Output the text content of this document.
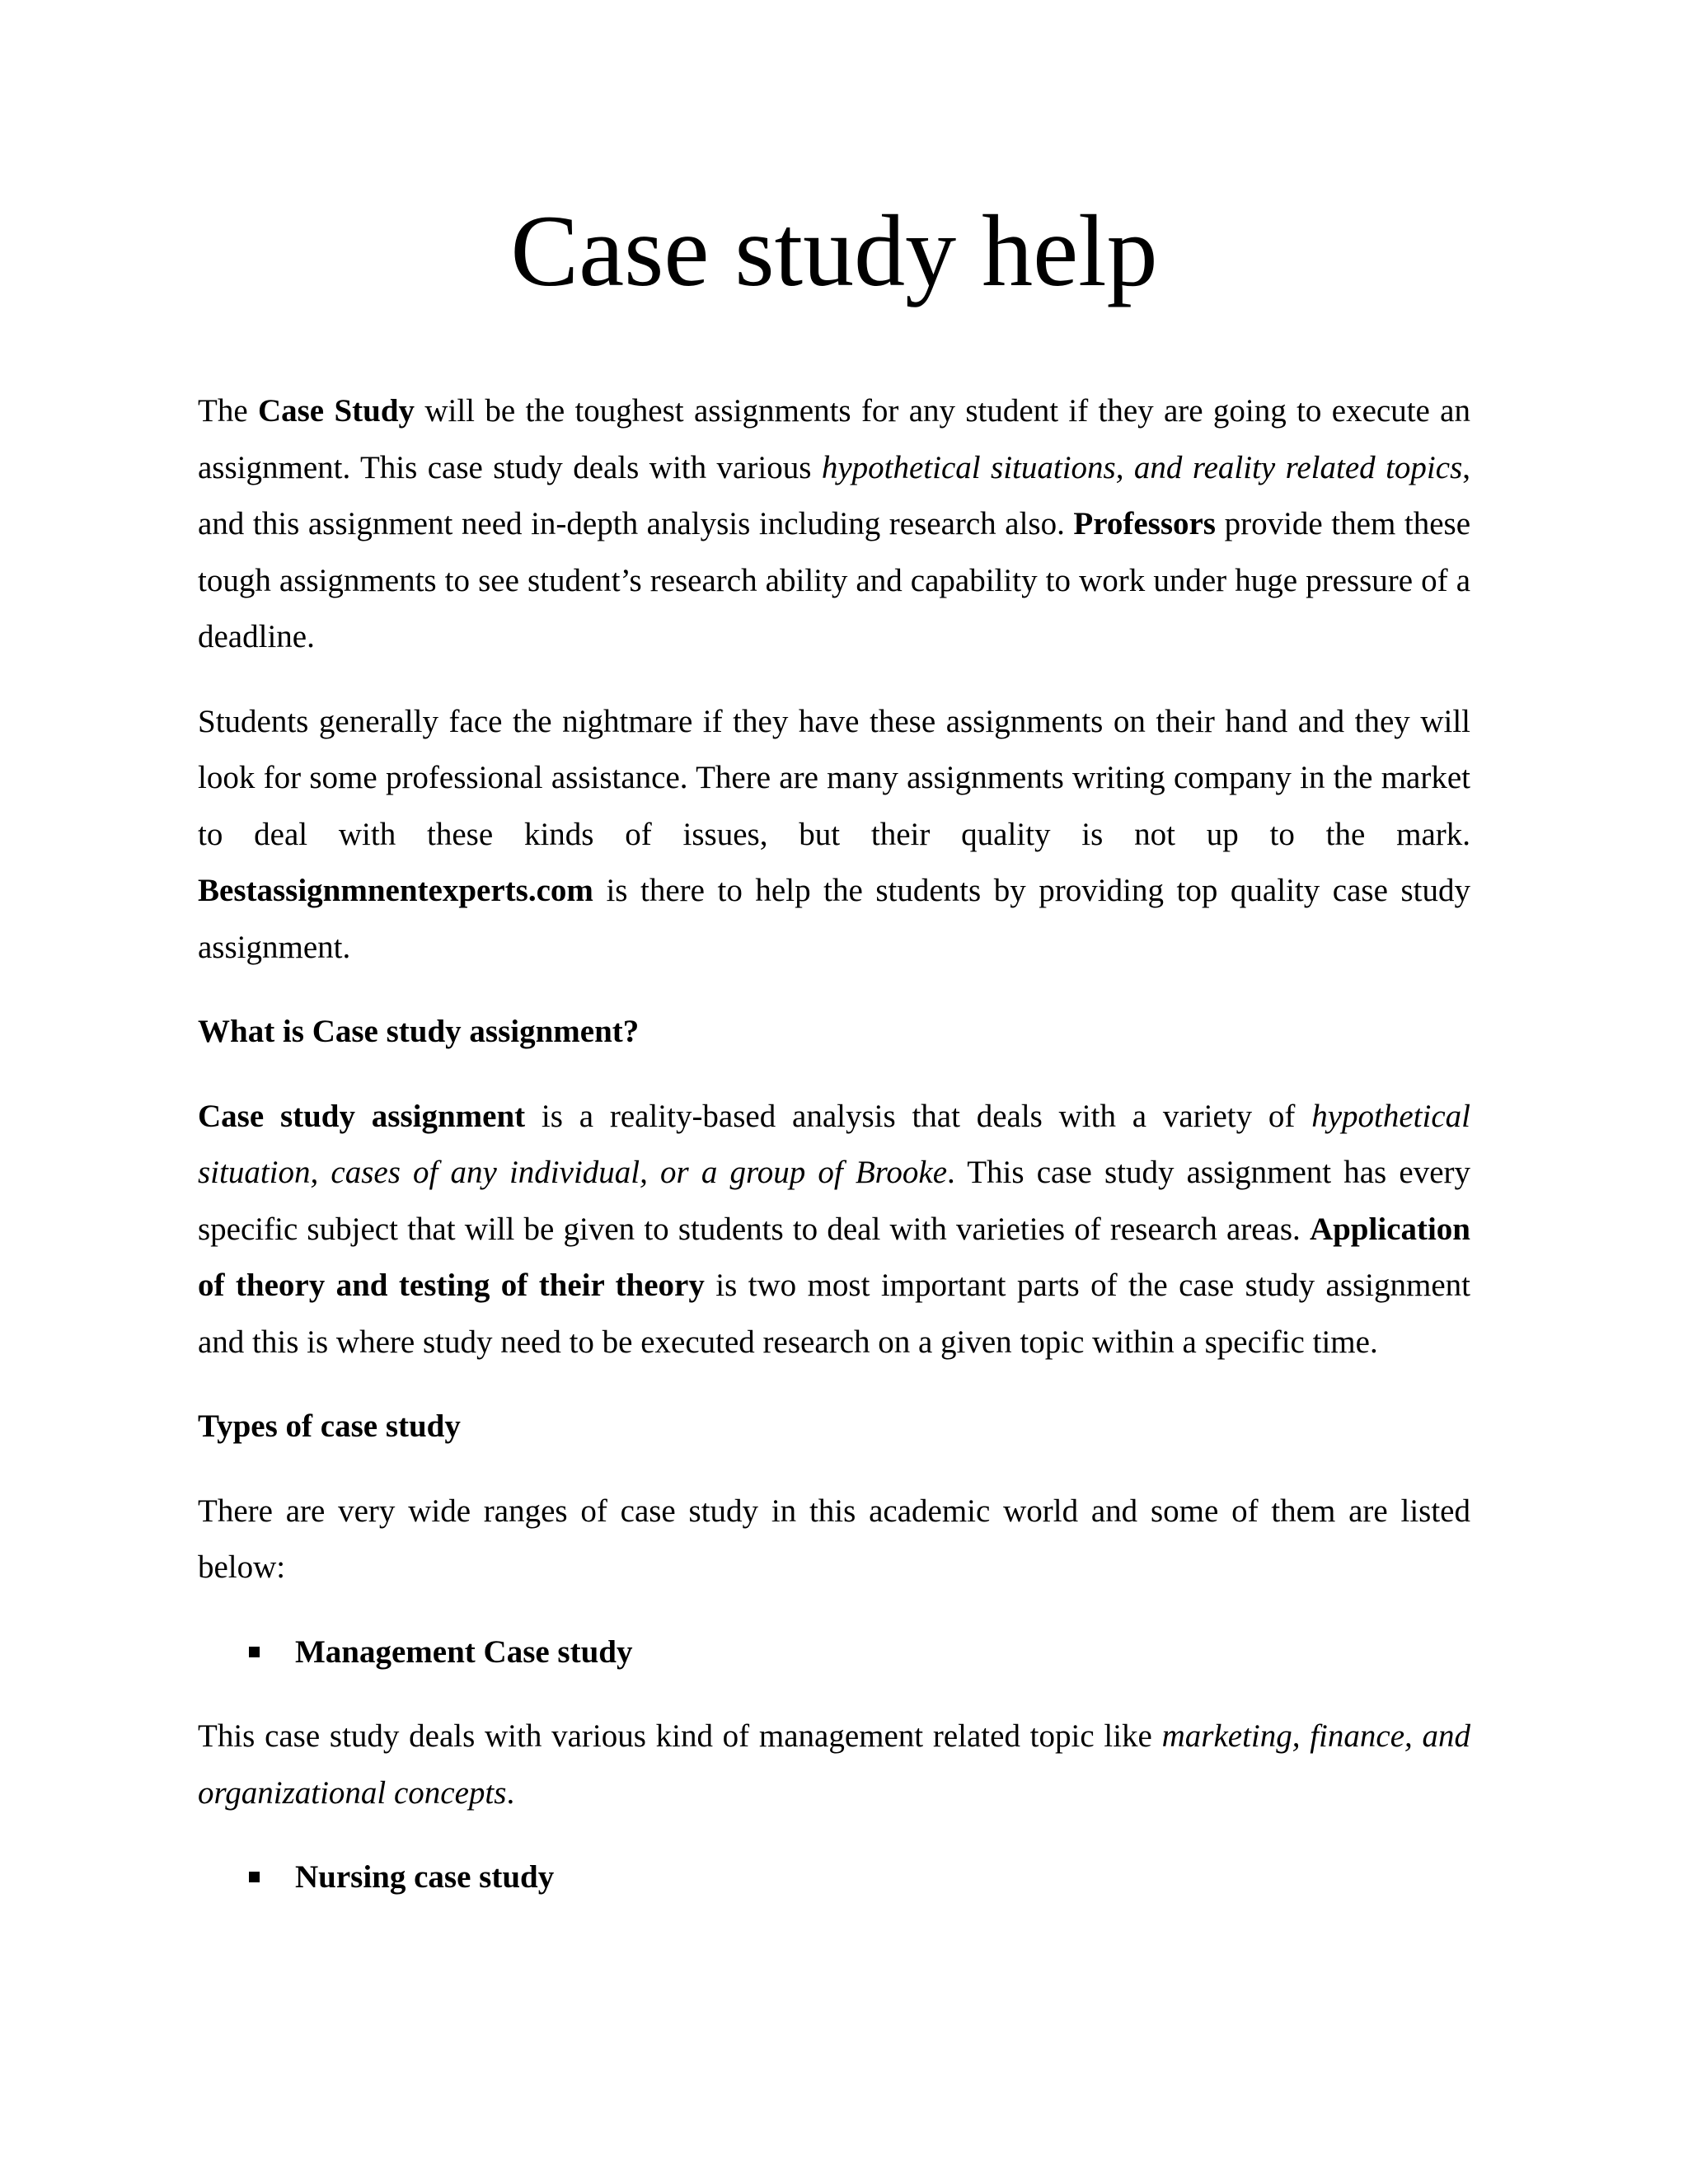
Case study help

The Case Study will be the toughest assignments for any student if they are going to execute an assignment. This case study deals with various hypothetical situations, and reality related topics, and this assignment need in-depth analysis including research also. Professors provide them these tough assignments to see student’s research ability and capability to work under huge pressure of a deadline.

Students generally face the nightmare if they have these assignments on their hand and they will look for some professional assistance. There are many assignments writing company in the market to deal with these kinds of issues, but their quality is not up to the mark. Bestassignmnentexperts.com is there to help the students by providing top quality case study assignment.

What is Case study assignment?

Case study assignment is a reality-based analysis that deals with a variety of hypothetical situation, cases of any individual, or a group of Brooke. This case study assignment has every specific subject that will be given to students to deal with varieties of research areas. Application of theory and testing of their theory is two most important parts of the case study assignment and this is where study need to be executed research on a given topic within a specific time.

Types of case study

There are very wide ranges of case study in this academic world and some of them are listed below:

Management Case study

This case study deals with various kind of management related topic like marketing, finance, and organizational concepts.

Nursing case study
